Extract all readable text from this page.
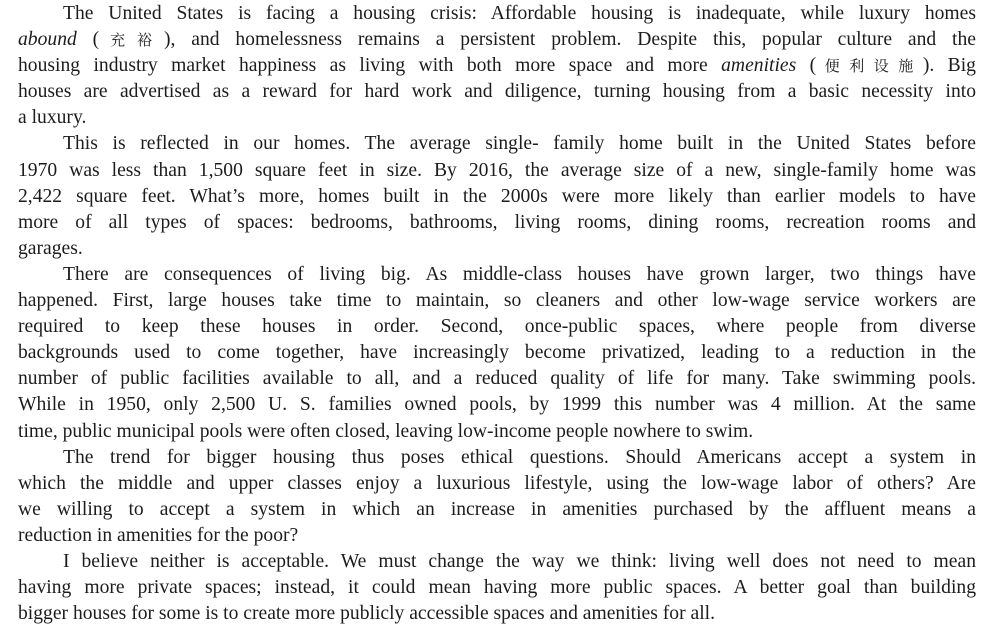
The United States is facing a housing crisis: Affordable housing is inadequate, while luxury homes
abound (充裕), and homelessness remains a persistent problem. Despite this, popular culture and the
housing industry market happiness as living with both more space and more amenities (便利设施). Big
houses are advertised as a reward for hard work and diligence, turning housing from a basic necessity into
a luxury.
This is reflected in our homes. The average single- family home built in the United States before
1970 was less than 1,500 square feet in size. By 2016, the average size of a new, single-family home was
2,422 square feet. What’s more, homes built in the 2000s were more likely than earlier models to have
more of all types of spaces: bedrooms, bathrooms, living rooms, dining rooms, recreation rooms and
garages.
There are consequences of living big. As middle-class houses have grown larger, two things have
happened. First, large houses take time to maintain, so cleaners and other low-wage service workers are
required to keep these houses in order. Second, once-public spaces, where people from diverse
backgrounds used to come together, have increasingly become privatized, leading to a reduction in the
number of public facilities available to all, and a reduced quality of life for many. Take swimming pools.
While in 1950, only 2,500 U. S. families owned pools, by 1999 this number was 4 million. At the same
time, public municipal pools were often closed, leaving low-income people nowhere to swim.
The trend for bigger housing thus poses ethical questions. Should Americans accept a system in
which the middle and upper classes enjoy a luxurious lifestyle, using the low-wage labor of others? Are
we willing to accept a system in which an increase in amenities purchased by the affluent means a
reduction in amenities for the poor?
I believe neither is acceptable. We must change the way we think: living well does not need to mean
having more private spaces; instead, it could mean having more public spaces. A better goal than building
bigger houses for some is to create more publicly accessible spaces and amenities for all.
